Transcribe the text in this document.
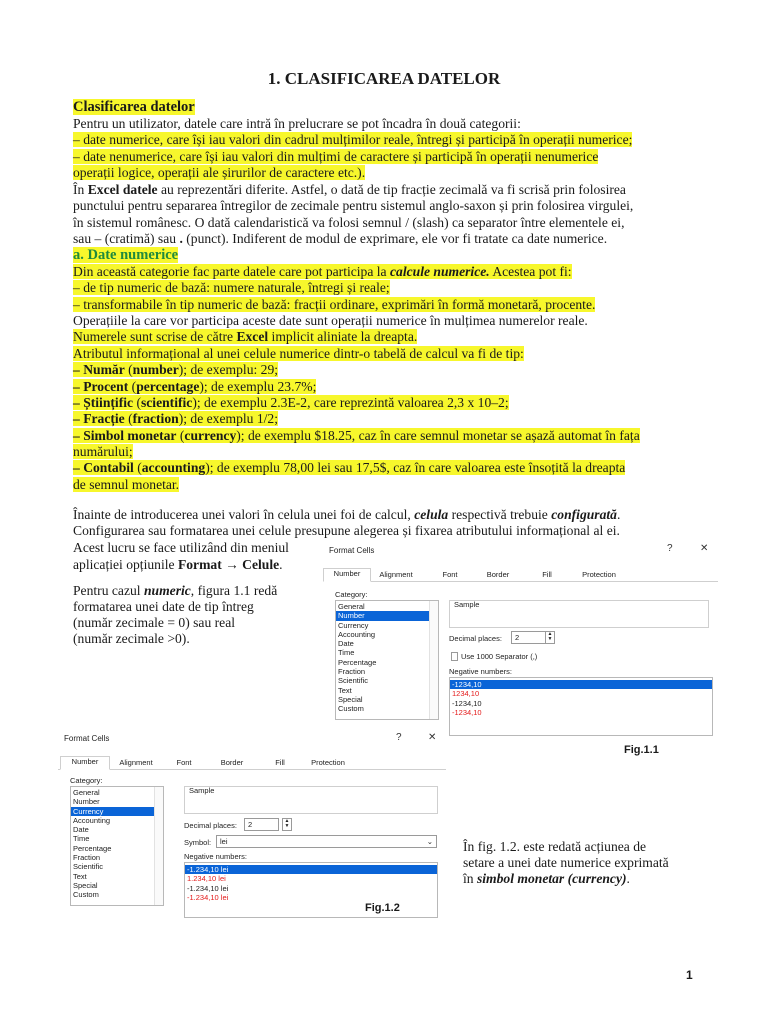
1. CLASIFICAREA DATELOR
Clasificarea datelor
Pentru un utilizator, datele care intră în prelucrare se pot încadra în două categorii:
– date numerice, care își iau valori din cadrul mulțimilor reale, întregi și participă în operații numerice;
– date nenumerice, care își iau valori din mulțimi de caractere și participă în operații nenumerice
operații logice, operații ale șirurilor de caractere etc.).
În Excel datele au reprezentări diferite. Astfel, o dată de tip fracție zecimală va fi scrisă prin folosirea
punctului pentru separarea întregilor de zecimale pentru sistemul anglo-saxon și prin folosirea virgulei,
în sistemul românesc. O dată calendaristică va folosi semnul / (slash) ca separator între elementele ei,
sau – (cratimă) sau . (punct). Indiferent de modul de exprimare, ele vor fi tratate ca date numerice.
a. Date numerice
Din această categorie fac parte datele care pot participa la calcule numerice. Acestea pot fi:
– de tip numeric de bază: numere naturale, întregi și reale;
– transformabile în tip numeric de bază: fracții ordinare, exprimări în formă monetară, procente.
Operațiile la care vor participa aceste date sunt operații numerice în mulțimea numerelor reale.
Numerele sunt scrise de către Excel implicit aliniate la dreapta.
Atributul informațional al unei celule numerice dintr-o tabelă de calcul va fi de tip:
– Număr (number); de exemplu: 29;
– Procent (percentage); de exemplu 23.7%;
– Științific (scientific); de exemplu 2.3E-2, care reprezintă valoarea 2,3 x 10–2;
– Fracție (fraction); de exemplu 1/2;
– Simbol monetar (currency); de exemplu $18.25, caz în care semnul monetar se așază automat în fața
numărului;
– Contabil (accounting); de exemplu 78,00 lei sau 17,5$, caz în care valoarea este însoțită la dreapta
de semnul monetar.
Înainte de introducerea unei valori în celula unei foi de calcul, celula respectivă trebuie configurată.
Configurarea sau formatarea unei celule presupune alegerea și fixarea atributului informațional al ei.
Acest lucru se face utilizând din meniul
aplicației opțiunile Format → Celule.
Pentru cazul numeric, figura 1.1 redă
formatarea unei date de tip întreg
(număr zecimale = 0) sau real
(număr zecimale >0).
Format Cells	?	✕
Number	Alignment	Font	Border	Fill	Protection
Category:
General
Number
Currency
Accounting
Date
Time
Percentage
Fraction
Scientific
Text
Special
Custom
Sample
Decimal places:	2	▲
▼
Use 1000 Separator (,)
Negative numbers:
-1234,10
1234,10
-1234,10
-1234,10
Fig.1.1
Format Cells	?	✕
Number	Alignment	Font	Border	Fill	Protection
Category:
General
Number
Currency
Accounting
Date
Time
Percentage
Fraction
Scientific
Text
Special
Custom
Sample
Decimal places:	2	▲
▼
Symbol:	lei	⌄
Negative numbers:
-1.234,10 lei
1.234,10 lei
-1.234,10 lei
-1.234,10 lei
Fig.1.2
În fig. 1.2. este redată acțiunea de
setare a unei date numerice exprimată
în simbol monetar (currency).
1
